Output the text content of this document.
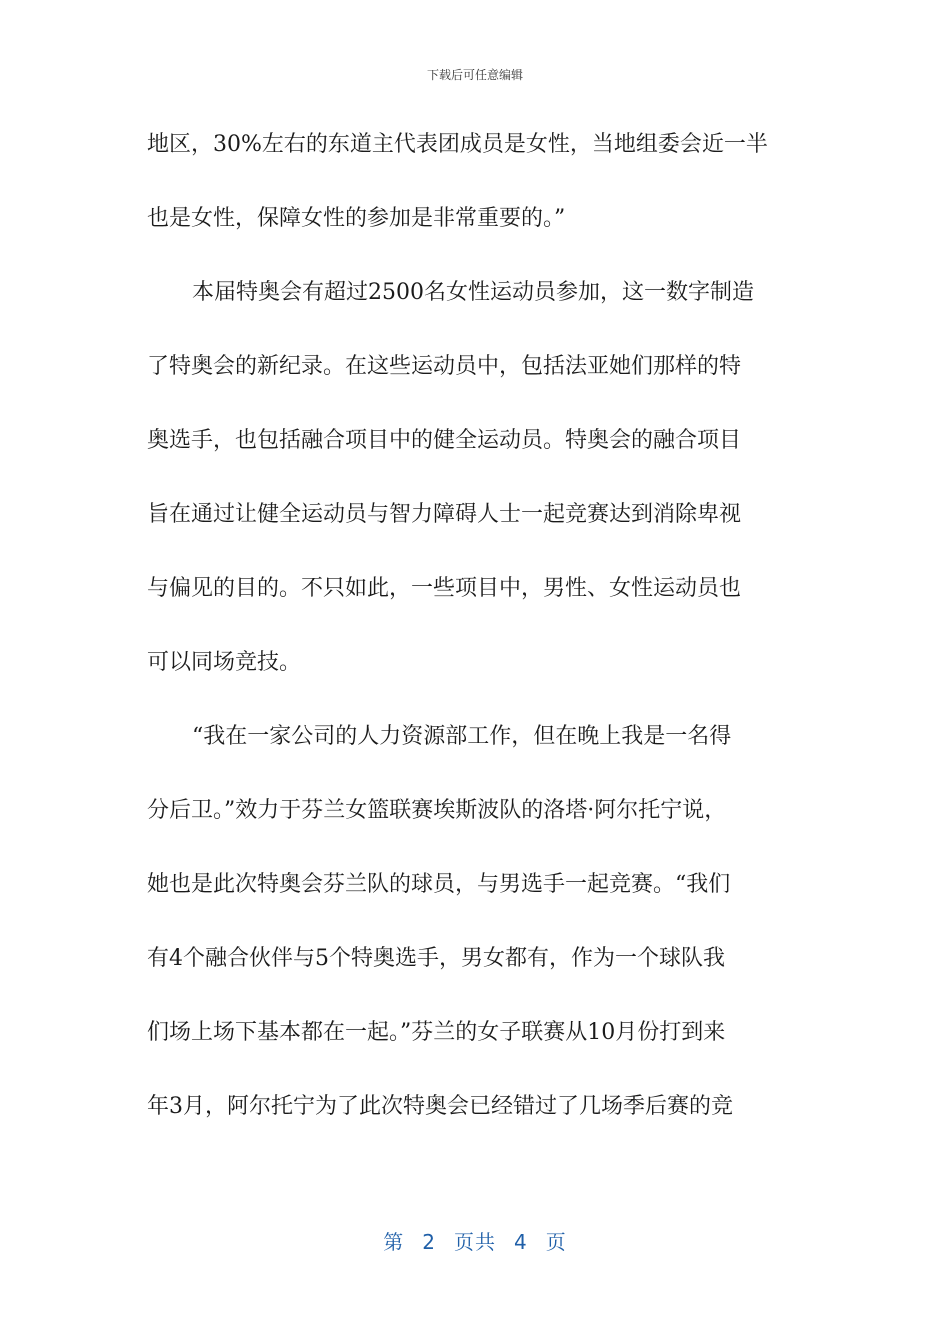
下载后可任意编辑
地区，30%左右的东道主代表团成员是女性，当地组委会近一半
也是女性，保障女性的参加是非常重要的。”
本届特奥会有超过2500名女性运动员参加，这一数字制造
了特奥会的新纪录。在这些运动员中，包括法亚她们那样的特
奥选手，也包括融合项目中的健全运动员。特奥会的融合项目
旨在通过让健全运动员与智力障碍人士一起竞赛达到消除卑视
与偏见的目的。不只如此，一些项目中，男性、女性运动员也
可以同场竞技。
“我在一家公司的人力资源部工作，但在晚上我是一名得
分后卫。”效力于芬兰女篮联赛埃斯波队的洛塔·阿尔托宁说，
她也是此次特奥会芬兰队的球员，与男选手一起竞赛。“我们
有4个融合伙伴与5个特奥选手，男女都有，作为一个球队我
们场上场下基本都在一起。”芬兰的女子联赛从10月份打到来
年3月，阿尔托宁为了此次特奥会已经错过了几场季后赛的竞
第 2 页共 4 页
